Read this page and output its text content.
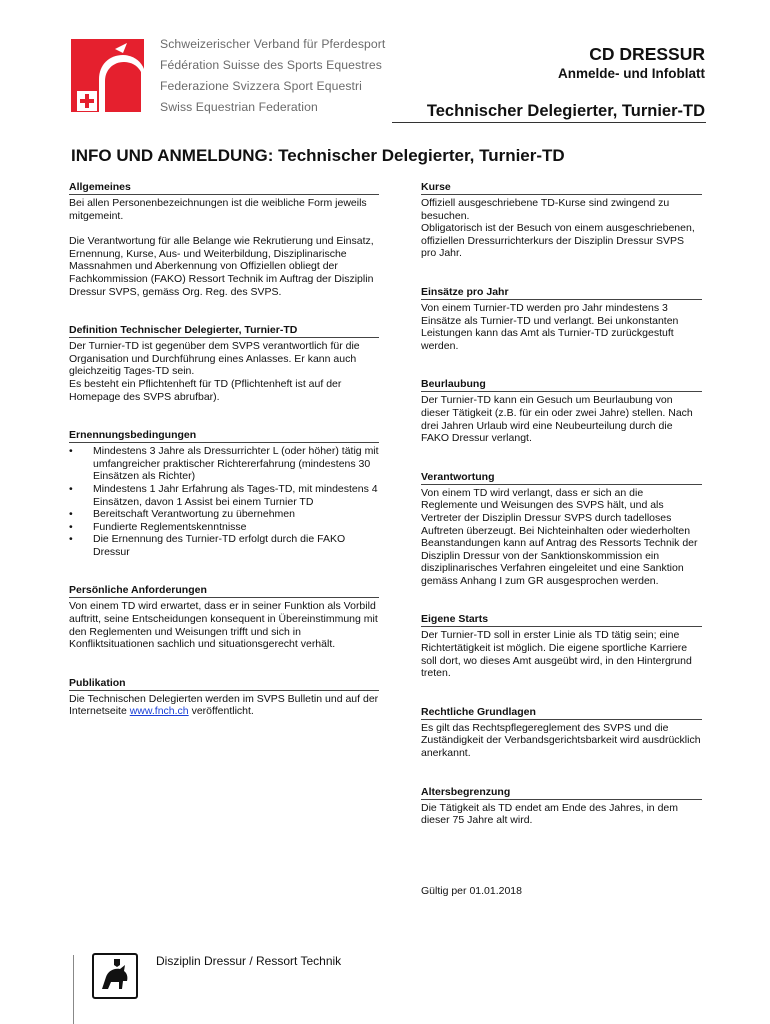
Schweizerischer Verband für Pferdesport
Fédération Suisse des Sports Equestres
Federazione Svizzera Sport Equestri
Swiss Equestrian Federation
CD DRESSUR
Anmelde- und Infoblatt
Technischer Delegierter, Turnier-TD
INFO UND ANMELDUNG: Technischer Delegierter, Turnier-TD
Allgemeines

Bei allen Personenbezeichnungen ist die weibliche Form jeweils mitgemeint.

Die Verantwortung für alle Belange wie Rekrutierung und Einsatz, Ernennung, Kurse, Aus- und Weiterbildung, Disziplinarische Massnahmen und Aberkennung von Offiziellen obliegt der Fachkommission (FAKO) Ressort Technik im Auftrag der Disziplin Dressur SVPS, gemäss Org. Reg. des SVPS.

Definition Technischer Delegierter, Turnier-TD

Der Turnier-TD ist gegenüber dem SVPS verantwortlich für die Organisation und Durchführung eines Anlasses. Er kann auch gleichzeitig Tages-TD sein.

Es besteht ein Pflichtenheft für TD (Pflichtenheft ist auf der Homepage des SVPS abrufbar).

Ernennungsbedingungen
• Mindestens 3 Jahre als Dressurrichter L (oder höher) tätig mit umfangreicher praktischer Richtererfahrung (mindestens 30 Einsätzen als Richter)
• Mindestens 1 Jahr Erfahrung als Tages-TD, mit mindestens 4 Einsätzen, davon 1 Assist bei einem Turnier TD
• Bereitschaft Verantwortung zu übernehmen
• Fundierte Reglementskenntnisse
• Die Ernennung des Turnier-TD erfolgt durch die FAKO Dressur
Persönliche Anforderungen

Von einem TD wird erwartet, dass er in seiner Funktion als Vorbild auftritt, seine Entscheidungen konsequent in Übereinstimmung mit den Reglementen und Weisungen trifft und sich in Konfliktsituationen sachlich und situationsgerecht verhält.

Publikation

Die Technischen Delegierten werden im SVPS Bulletin und auf der Internetseite www.fnch.ch veröffentlicht.

Kurse

Offiziell ausgeschriebene TD-Kurse sind zwingend zu besuchen.

Obligatorisch ist der Besuch von einem ausgeschriebenen, offiziellen Dressurrichterkurs der Disziplin Dressur SVPS pro Jahr.

Einsätze pro Jahr

Von einem Turnier-TD werden pro Jahr mindestens 3 Einsätze als Turnier-TD und verlangt. Bei unkonstanten Leistungen kann das Amt als Turnier-TD zurückgestuft werden.

Beurlaubung

Der Turnier-TD kann ein Gesuch um Beurlaubung von dieser Tätigkeit (z.B. für ein oder zwei Jahre) stellen. Nach drei Jahren Urlaub wird eine Neubeurteilung durch die FAKO Dressur verlangt.

Verantwortung

Von einem TD wird verlangt, dass er sich an die Reglemente und Weisungen des SVPS hält, und als Vertreter der Disziplin Dressur SVPS durch tadelloses Auftreten überzeugt. Bei Nichteinhalten oder wiederholten Beanstandungen kann auf Antrag des Ressorts Technik der Disziplin Dressur von der Sanktionskommission ein disziplinarisches Verfahren eingeleitet und eine Sanktion gemäss Anhang I zum GR ausgesprochen werden.

Eigene Starts

Der Turnier-TD soll in erster Linie als TD tätig sein; eine Richtertätigkeit ist möglich. Die eigene sportliche Karriere soll dort, wo dieses Amt ausgeübt wird, in den Hintergrund treten.

Rechtliche Grundlagen

Es gilt das Rechtspflegereglement des SVPS und die Zuständigkeit der Verbandsgerichtsbarkeit wird ausdrücklich anerkannt.

Altersbegrenzung

Die Tätigkeit als TD endet am Ende des Jahres, in dem dieser 75 Jahre alt wird.

Gültig per 01.01.2018
Disziplin Dressur / Ressort Technik
